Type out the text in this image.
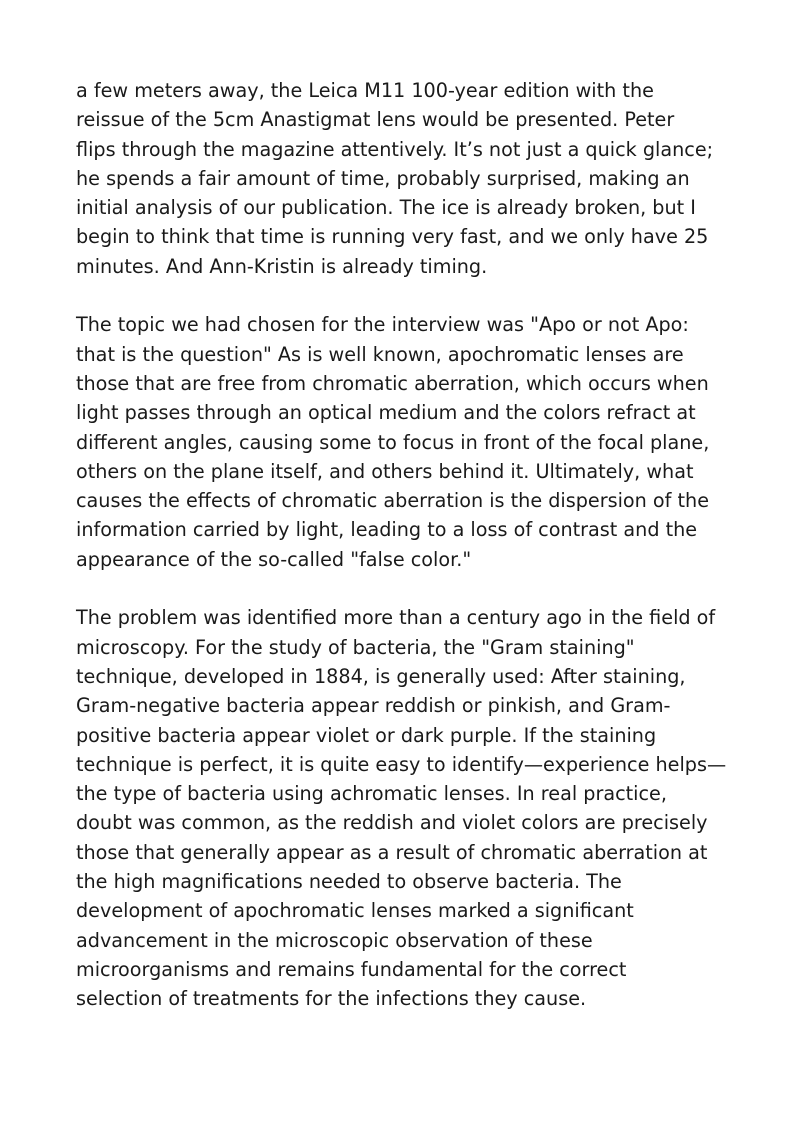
a few meters away, the Leica M11 100-year edition with the
reissue of the 5cm Anastigmat lens would be presented. Peter
flips through the magazine attentively. It’s not just a quick glance;
he spends a fair amount of time, probably surprised, making an
initial analysis of our publication. The ice is already broken, but I
begin to think that time is running very fast, and we only have 25
minutes. And Ann-Kristin is already timing.

The topic we had chosen for the interview was "Apo or not Apo:
that is the question" As is well known, apochromatic lenses are
those that are free from chromatic aberration, which occurs when
light passes through an optical medium and the colors refract at
different angles, causing some to focus in front of the focal plane,
others on the plane itself, and others behind it. Ultimately, what
causes the effects of chromatic aberration is the dispersion of the
information carried by light, leading to a loss of contrast and the
appearance of the so-called "false color."

The problem was identified more than a century ago in the field of
microscopy. For the study of bacteria, the "Gram staining"
technique, developed in 1884, is generally used: After staining,
Gram-negative bacteria appear reddish or pinkish, and Gram-
positive bacteria appear violet or dark purple. If the staining
technique is perfect, it is quite easy to identify—experience helps—
the type of bacteria using achromatic lenses. In real practice,
doubt was common, as the reddish and violet colors are precisely
those that generally appear as a result of chromatic aberration at
the high magnifications needed to observe bacteria. The
development of apochromatic lenses marked a significant
advancement in the microscopic observation of these
microorganisms and remains fundamental for the correct
selection of treatments for the infections they cause.
